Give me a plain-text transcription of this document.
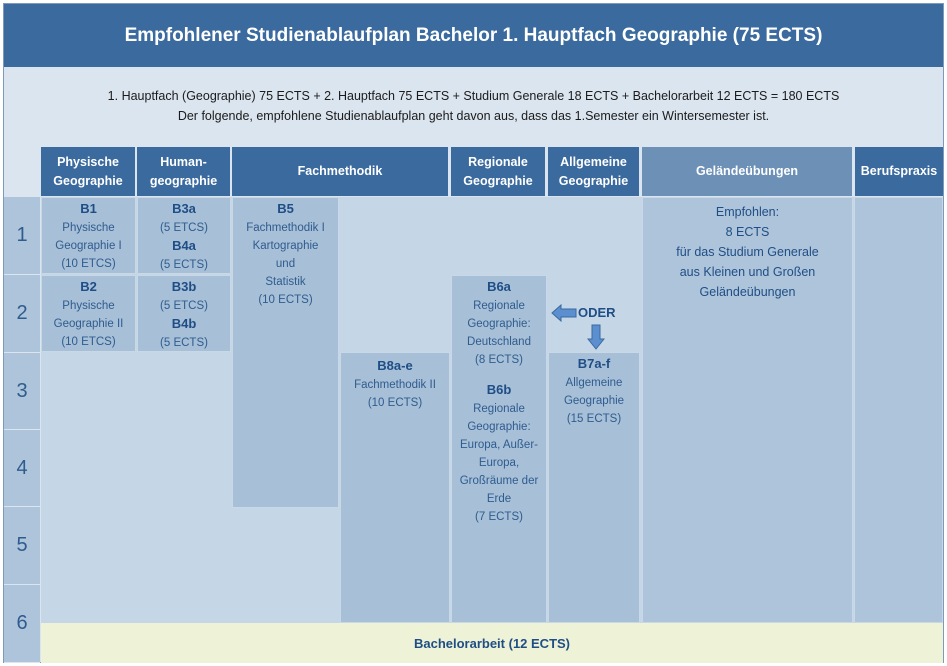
Empfohlener Studienablaufplan Bachelor 1. Hauptfach Geographie (75 ECTS)
1. Hauptfach (Geographie) 75 ECTS + 2. Hauptfach 75 ECTS + Studium Generale 18 ECTS + Bachelorarbeit 12 ECTS = 180 ECTS
Der folgende, empfohlene Studienablaufplan geht davon aus, dass das 1.Semester ein Wintersemester ist.
Physische
Geographie
Human-
geographie
Fachmethodik
Regionale
Geographie
Allgemeine
Geographie
Geländeübungen	Berufspraxis
1
2
3
4
5
6
B1
Physische
Geographie I
(10 ETCS)
B2
Physische
Geographie II
(10 ETCS)
B3a
(5 ETCS)
B4a
(5 ECTS)
B3b
(5 ETCS)
B4b
(5 ECTS)
B5
Fachmethodik I
Kartographie
und
Statistik
(10 ECTS)
B8a-e
Fachmethodik II
(10 ECTS)
B6a
Regionale
Geographie:
Deutschland
(8 ECTS)
B6b
Regionale
Geographie:
Europa, Außer-
Europa,
Großräume der
Erde
(7 ECTS)
B7a-f
Allgemeine
Geographie
(15 ECTS)
ODER
Empfohlen:
8 ECTS
für das Studium Generale
aus Kleinen und Großen
Geländeübungen
Bachelorarbeit (12 ECTS)
